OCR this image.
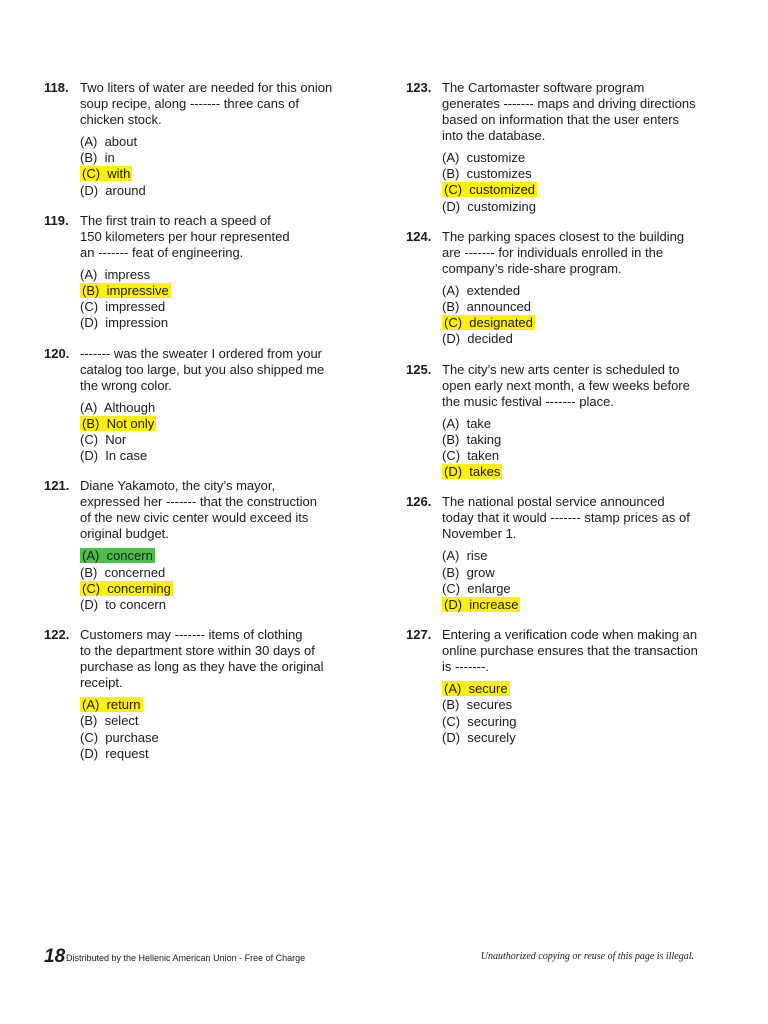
118. Two liters of water are needed for this onion
soup recipe, along ------- three cans of
chicken stock.
(A) about
(B) in
(C) with
(D) around
119. The first train to reach a speed of
150 kilometers per hour represented
an ------- feat of engineering.
(A) impress
(B) impressive
(C) impressed
(D) impression
120. ------- was the sweater I ordered from your
catalog too large, but you also shipped me
the wrong color.
(A) Although
(B) Not only
(C) Nor
(D) In case
121. Diane Yakamoto, the city’s mayor,
expressed her ------- that the construction
of the new civic center would exceed its
original budget.
(A) concern
(B) concerned
(C) concerning
(D) to concern
122. Customers may ------- items of clothing
to the department store within 30 days of
purchase as long as they have the original
receipt.
(A) return
(B) select
(C) purchase
(D) request
123. The Cartomaster software program
generates ------- maps and driving directions
based on information that the user enters
into the database.
(A) customize
(B) customizes
(C) customized
(D) customizing
124. The parking spaces closest to the building
are ------- for individuals enrolled in the
company’s ride-share program.
(A) extended
(B) announced
(C) designated
(D) decided
125. The city’s new arts center is scheduled to
open early next month, a few weeks before
the music festival ------- place.
(A) take
(B) taking
(C) taken
(D) takes
126. The national postal service announced
today that it would ------- stamp prices as of
November 1.
(A) rise
(B) grow
(C) enlarge
(D) increase
127. Entering a verification code when making an
online purchase ensures that the transaction
is -------.
(A) secure
(B) secures
(C) securing
(D) securely
18 Distributed by the Hellenic American Union - Free of Charge	Unauthorized copying or reuse of this page is illegal.
